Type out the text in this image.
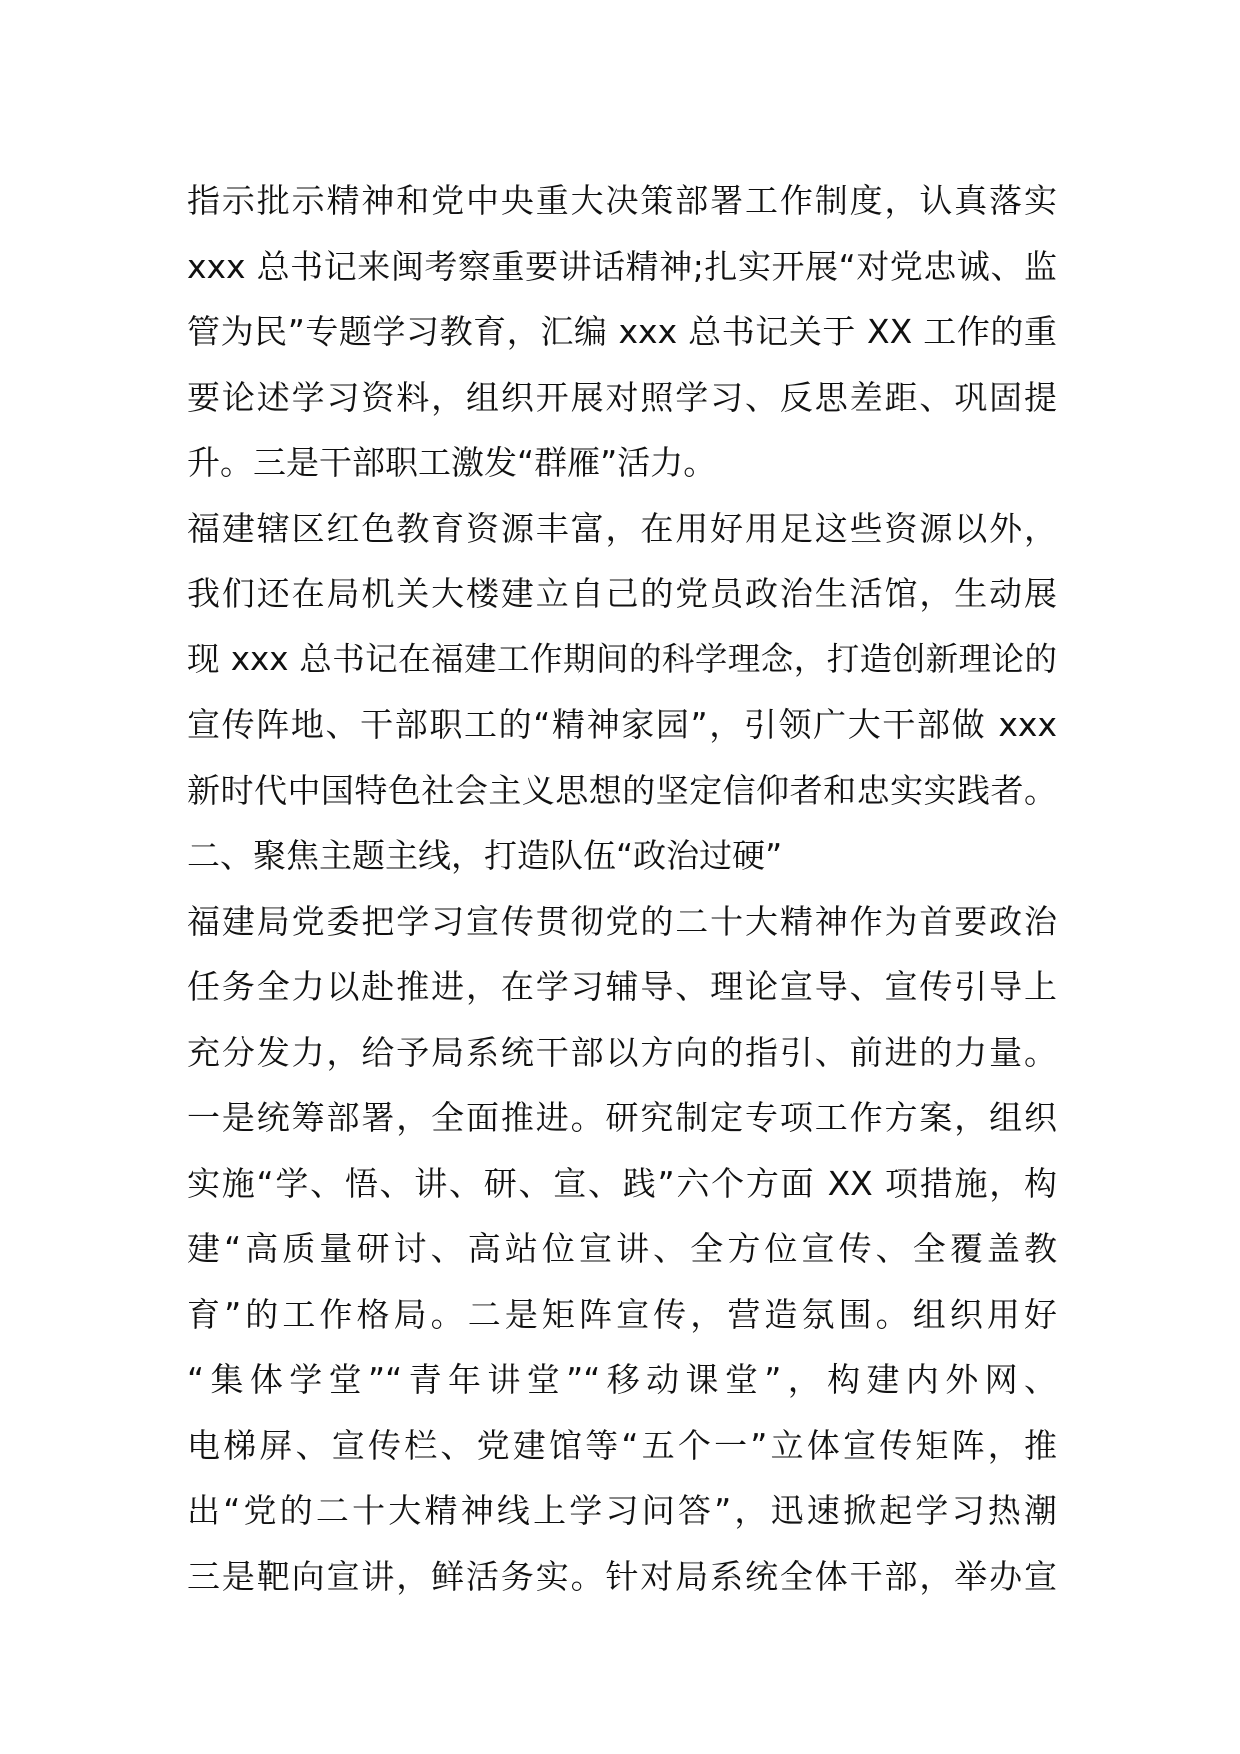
指示批示精神和党中央重大决策部署工作制度，认真落实
xxx 总书记来闽考察重要讲话精神;扎实开展“对党忠诚、监
管为民”专题学习教育，汇编 xxx 总书记关于 XX 工作的重
要论述学习资料，组织开展对照学习、反思差距、巩固提
升。三是干部职工激发“群雁”活力。
福建辖区红色教育资源丰富，在用好用足这些资源以外，
我们还在局机关大楼建立自己的党员政治生活馆，生动展
现 xxx 总书记在福建工作期间的科学理念，打造创新理论的
宣传阵地、干部职工的“精神家园”，引领广大干部做 xxx
新时代中国特色社会主义思想的坚定信仰者和忠实实践者。
二、聚焦主题主线，打造队伍“政治过硬”
福建局党委把学习宣传贯彻党的二十大精神作为首要政治
任务全力以赴推进，在学习辅导、理论宣导、宣传引导上
充分发力，给予局系统干部以方向的指引、前进的力量。
一是统筹部署，全面推进。研究制定专项工作方案，组织
实施“学、悟、讲、研、宣、践”六个方面 XX 项措施，构
建“高质量研讨、高站位宣讲、全方位宣传、全覆盖教
育”的工作格局。二是矩阵宣传，营造氛围。组织用好
“集体学堂”“青年讲堂”“移动课堂”，构建内外网、
电梯屏、宣传栏、党建馆等“五个一”立体宣传矩阵，推
出“党的二十大精神线上学习问答”，迅速掀起学习热潮
三是靶向宣讲，鲜活务实。针对局系统全体干部，举办宣
